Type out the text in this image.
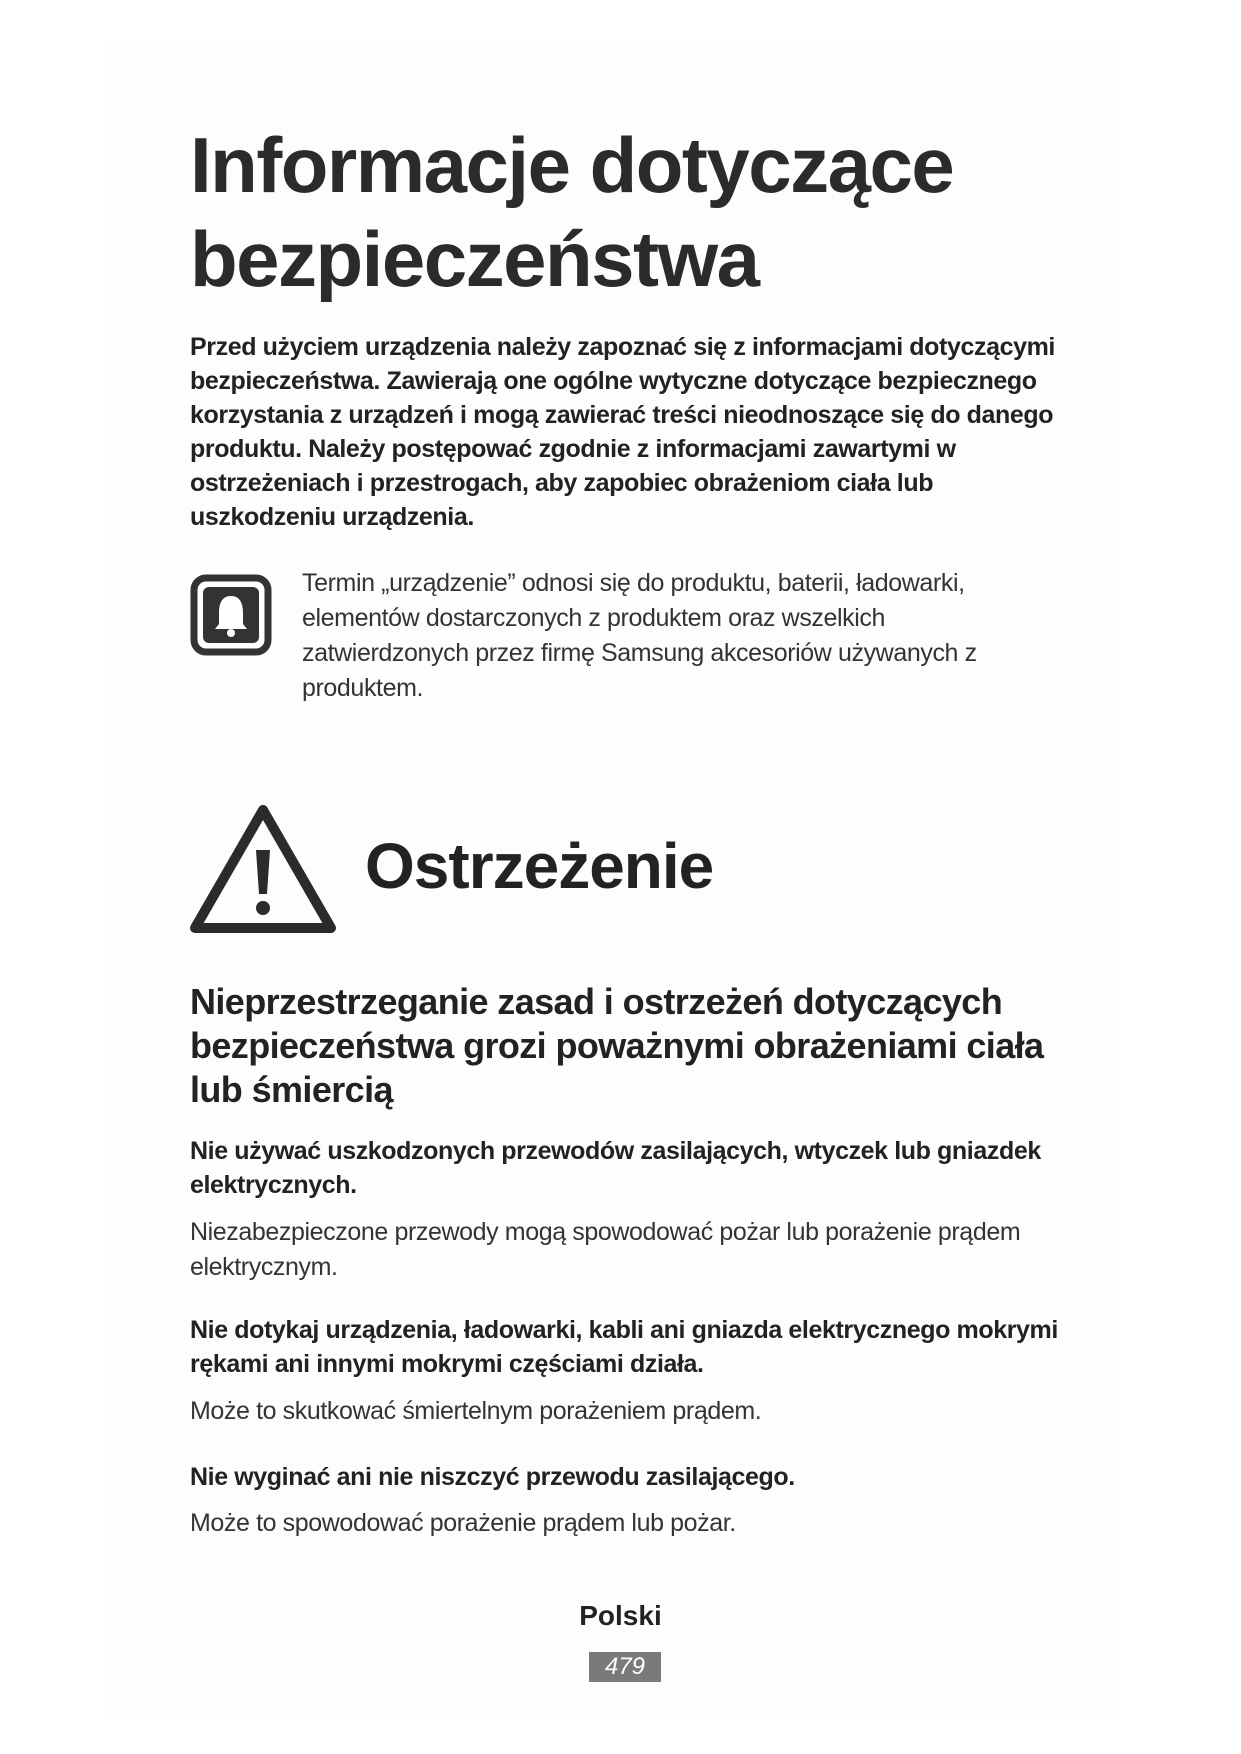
Informacje dotyczące bezpieczeństwa

Przed użyciem urządzenia należy zapoznać się z informacjami dotyczącymi bezpieczeństwa. Zawierają one ogólne wytyczne dotyczące bezpiecznego korzystania z urządzeń i mogą zawierać treści nieodnoszące się do danego produktu. Należy postępować zgodnie z informacjami zawartymi w ostrzeżeniach i przestrogach, aby zapobiec obrażeniom ciała lub uszkodzeniu urządzenia.

Termin „urządzenie” odnosi się do produktu, baterii, ładowarki, elementów dostarczonych z produktem oraz wszelkich zatwierdzonych przez firmę Samsung akcesoriów używanych z produktem.

Ostrzeżenie
Nieprzestrzeganie zasad i ostrzeżeń dotyczących bezpieczeństwa grozi poważnymi obrażeniami ciała lub śmiercią

Nie używać uszkodzonych przewodów zasilających, wtyczek lub gniazdek elektrycznych.

Niezabezpieczone przewody mogą spowodować pożar lub porażenie prądem elektrycznym.

Nie dotykaj urządzenia, ładowarki, kabli ani gniazda elektrycznego mokrymi rękami ani innymi mokrymi częściami działa.

Może to skutkować śmiertelnym porażeniem prądem.

Nie wyginać ani nie niszczyć przewodu zasilającego.

Może to spowodować porażenie prądem lub pożar.

Polski

479
